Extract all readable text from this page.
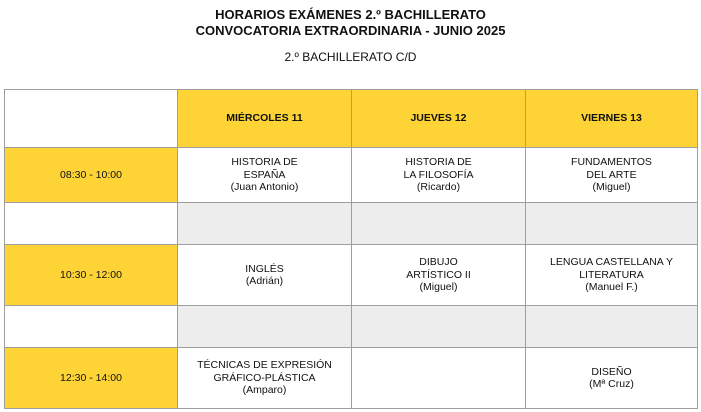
HORARIOS EXÁMENES 2.º BACHILLERATO
CONVOCATORIA EXTRAORDINARIA - JUNIO 2025
2.º BACHILLERATO C/D
	MIÉRCOLES 11	JUEVES 12	VIERNES 13
08:30 - 10:00	HISTORIA DE
ESPAÑA
(Juan Antonio)	HISTORIA DE
LA FILOSOFÍA
(Ricardo)	FUNDAMENTOS
DEL ARTE
(Miguel)

10:30 - 12:00	INGLÉS
(Adrián)	DIBUJO
ARTÍSTICO II
(Miguel)	LENGUA CASTELLANA Y
LITERATURA
(Manuel F.)

12:30 - 14:00	TÉCNICAS DE EXPRESIÓN
GRÁFICO-PLÁSTICA
(Amparo)		DISEÑO
(Mª Cruz)
